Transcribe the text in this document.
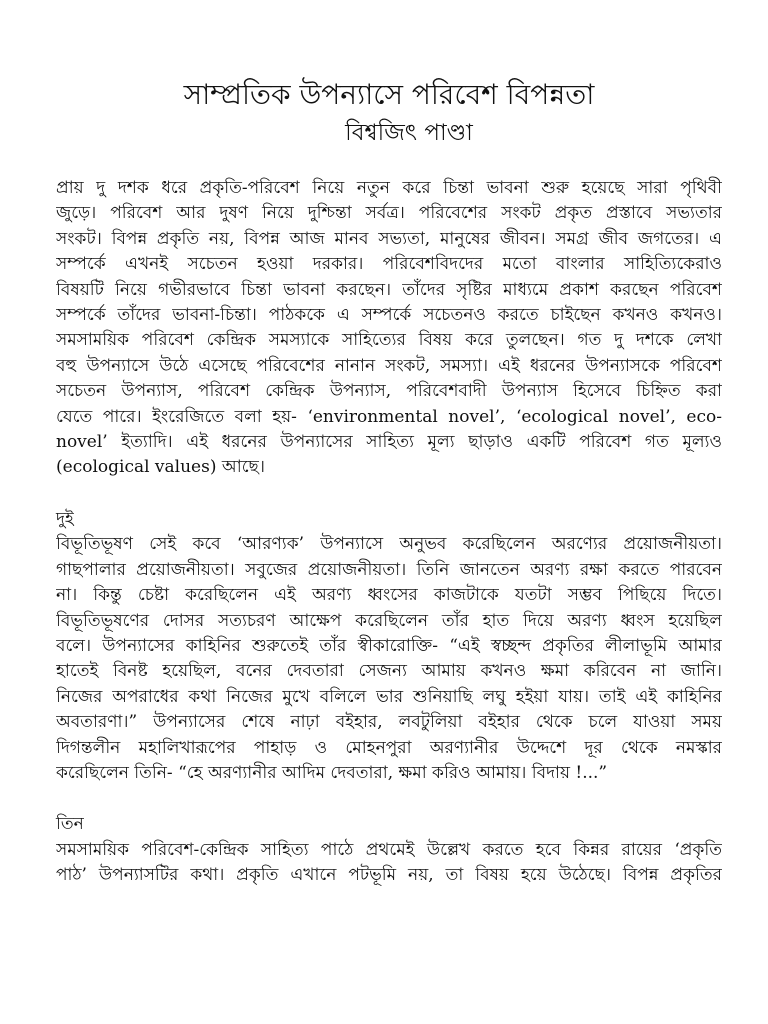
সাম্প্রতিক উপন্যাসে পরিবেশ বিপন্নতা
বিশ্বজিৎ পাণ্ডা
প্রায় দু দশক ধরে প্রকৃতি-পরিবেশ নিয়ে নতুন করে চিন্তা ভাবনা শুরু হয়েছে সারা পৃথিবী
জুড়ে। পরিবেশ আর দুষণ নিয়ে দুশ্চিন্তা সর্বত্র। পরিবেশের সংকট প্রকৃত প্রস্তাবে সভ্যতার
সংকট। বিপন্ন প্রকৃতি নয়, বিপন্ন আজ মানব সভ্যতা, মানুষের জীবন। সমগ্র জীব জগতের। এ
সম্পর্কে এখনই সচেতন হওয়া দরকার। পরিবেশবিদদের মতো বাংলার সাহিত্যিকেরাও
বিষয়টি নিয়ে গভীরভাবে চিন্তা ভাবনা করছেন। তাঁদের সৃষ্টির মাধ্যমে প্রকাশ করছেন পরিবেশ
সম্পর্কে তাঁদের ভাবনা-চিন্তা। পাঠককে এ সম্পর্কে সচেতনও করতে চাইছেন কখনও কখনও।
সমসাময়িক পরিবেশ কেন্দ্রিক সমস্যাকে সাহিত্যের বিষয় করে তুলছেন। গত দু দশকে লেখা
বহু উপন্যাসে উঠে এসেছে পরিবেশের নানান সংকট, সমস্যা। এই ধরনের উপন্যাসকে পরিবেশ
সচেতন উপন্যাস, পরিবেশ কেন্দ্রিক উপন্যাস, পরিবেশবাদী উপন্যাস হিসেবে চিহ্নিত করা
যেতে পারে। ইংরেজিতে বলা হয়- ‘environmental novel’, ‘ecological novel’, eco-
novel’ ইত্যাদি। এই ধরনের উপন্যাসের সাহিত্য মূল্য ছাড়াও একটি পরিবেশ গত মূল্যও
(ecological values) আছে।
দুই
বিভূতিভূষণ সেই কবে ‘আরণ্যক’ উপন্যাসে অনুভব করেছিলেন অরণ্যের প্রয়োজনীয়তা।
গাছপালার প্রয়োজনীয়তা। সবুজের প্রয়োজনীয়তা। তিনি জানতেন অরণ্য রক্ষা করতে পারবেন
না। কিন্তু চেষ্টা করেছিলেন এই অরণ্য ধ্বংসের কাজটাকে যতটা সম্ভব পিছিয়ে দিতে।
বিভূতিভূষণের দোসর সত্যচরণ আক্ষেপ করেছিলেন তাঁর হাত দিয়ে অরণ্য ধ্বংস হয়েছিল
বলে। উপন্যাসের কাহিনির শুরুতেই তাঁর স্বীকারোক্তি- “এই স্বচ্ছন্দ প্রকৃতির লীলাভূমি আমার
হাতেই বিনষ্ট হয়েছিল, বনের দেবতারা সেজন্য আমায় কখনও ক্ষমা করিবেন না জানি।
নিজের অপরাধের কথা নিজের মুখে বলিলে ভার শুনিয়াছি লঘু হইয়া যায়। তাই এই কাহিনির
অবতারণা।” উপন্যাসের শেষে নাঢ়া বইহার, লবটুলিয়া বইহার থেকে চলে যাওয়া সময়
দিগন্তলীন মহালিখারূপের পাহাড় ও মোহনপুরা অরণ্যানীর উদ্দেশে দূর থেকে নমস্কার
করেছিলেন তিনি- “হে অরণ্যানীর আদিম দেবতারা, ক্ষমা করিও আমায়। বিদায় !...”
তিন
সমসাময়িক পরিবেশ-কেন্দ্রিক সাহিত্য পাঠে প্রথমেই উল্লেখ করতে হবে কিন্নর রায়ের ‘প্রকৃতি
পাঠ’ উপন্যাসটির কথা। প্রকৃতি এখানে পটভূমি নয়, তা বিষয় হয়ে উঠেছে। বিপন্ন প্রকৃতির
